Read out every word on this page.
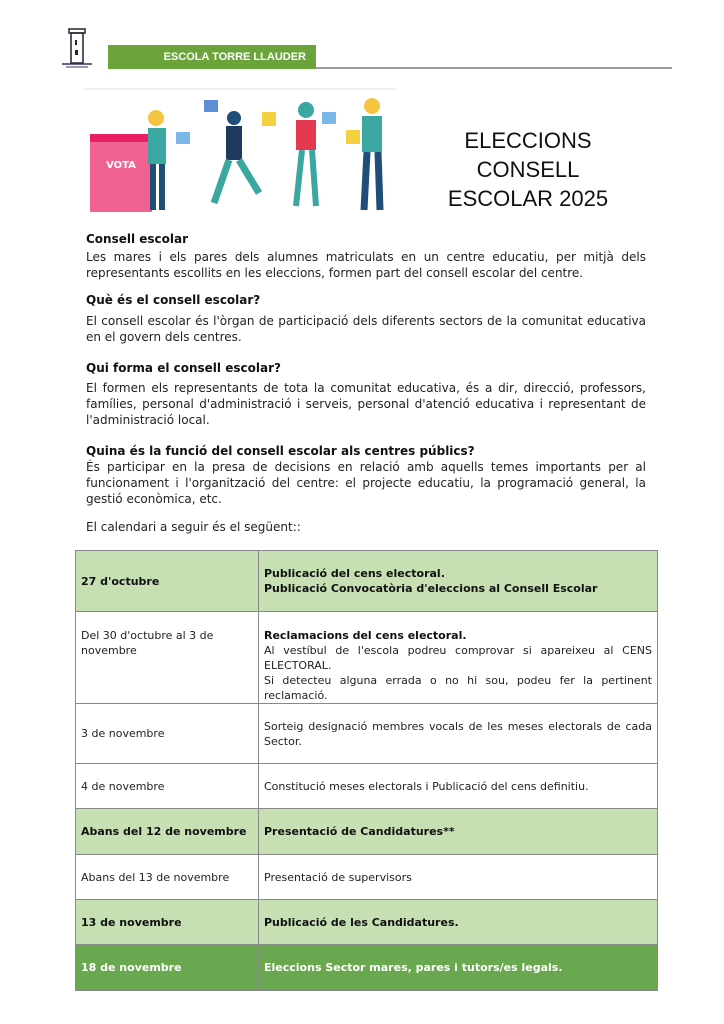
ESCOLA TORRE LLAUDER
VOTA
ELECCIONS
CONSELL
ESCOLAR 2025
Consell escolar
Les mares i els pares dels alumnes matriculats en un centre educatiu, per mitjà dels representants escollits en les eleccions, formen part del consell escolar del centre.
Què és el consell escolar?
El consell escolar és l'òrgan de participació dels diferents sectors de la comunitat educativa en el govern dels centres.
Qui forma el consell escolar?
El formen els representants de tota la comunitat educativa, és a dir, direcció, professors, famílies, personal d'administració i serveis, personal d'atenció educativa i representant de l'administració local.
Quina és la funció del consell escolar als centres públics?
És participar en la presa de decisions en relació amb aquells temes importants per al funcionament i l'organització del centre: el projecte educatiu, la programació general, la gestió econòmica, etc.
El calendari a seguir és el següent::
27 d'octubre	Publicació del cens electoral.
Publicació Convocatòria d'eleccions al Consell Escolar

Del 30 d'octubre al 3 de novembre	Reclamacions del cens electoral.
Al vestíbul de l'escola podreu comprovar si apareixeu al CENS ELECTORAL.
Si detecteu alguna errada o no hi sou, podeu fer la pertinent reclamació.

3 de novembre	Sorteig designació membres vocals de les meses electorals de cada Sector.
4 de novembre	Constitució meses electorals i Publicació del cens definitiu.
Abans del 12 de novembre	Presentació de Candidatures**
Abans del 13 de novembre	Presentació de supervisors
13 de novembre	Publicació de les Candidatures.
18 de novembre	Eleccions Sector mares, pares i tutors/es legals.
